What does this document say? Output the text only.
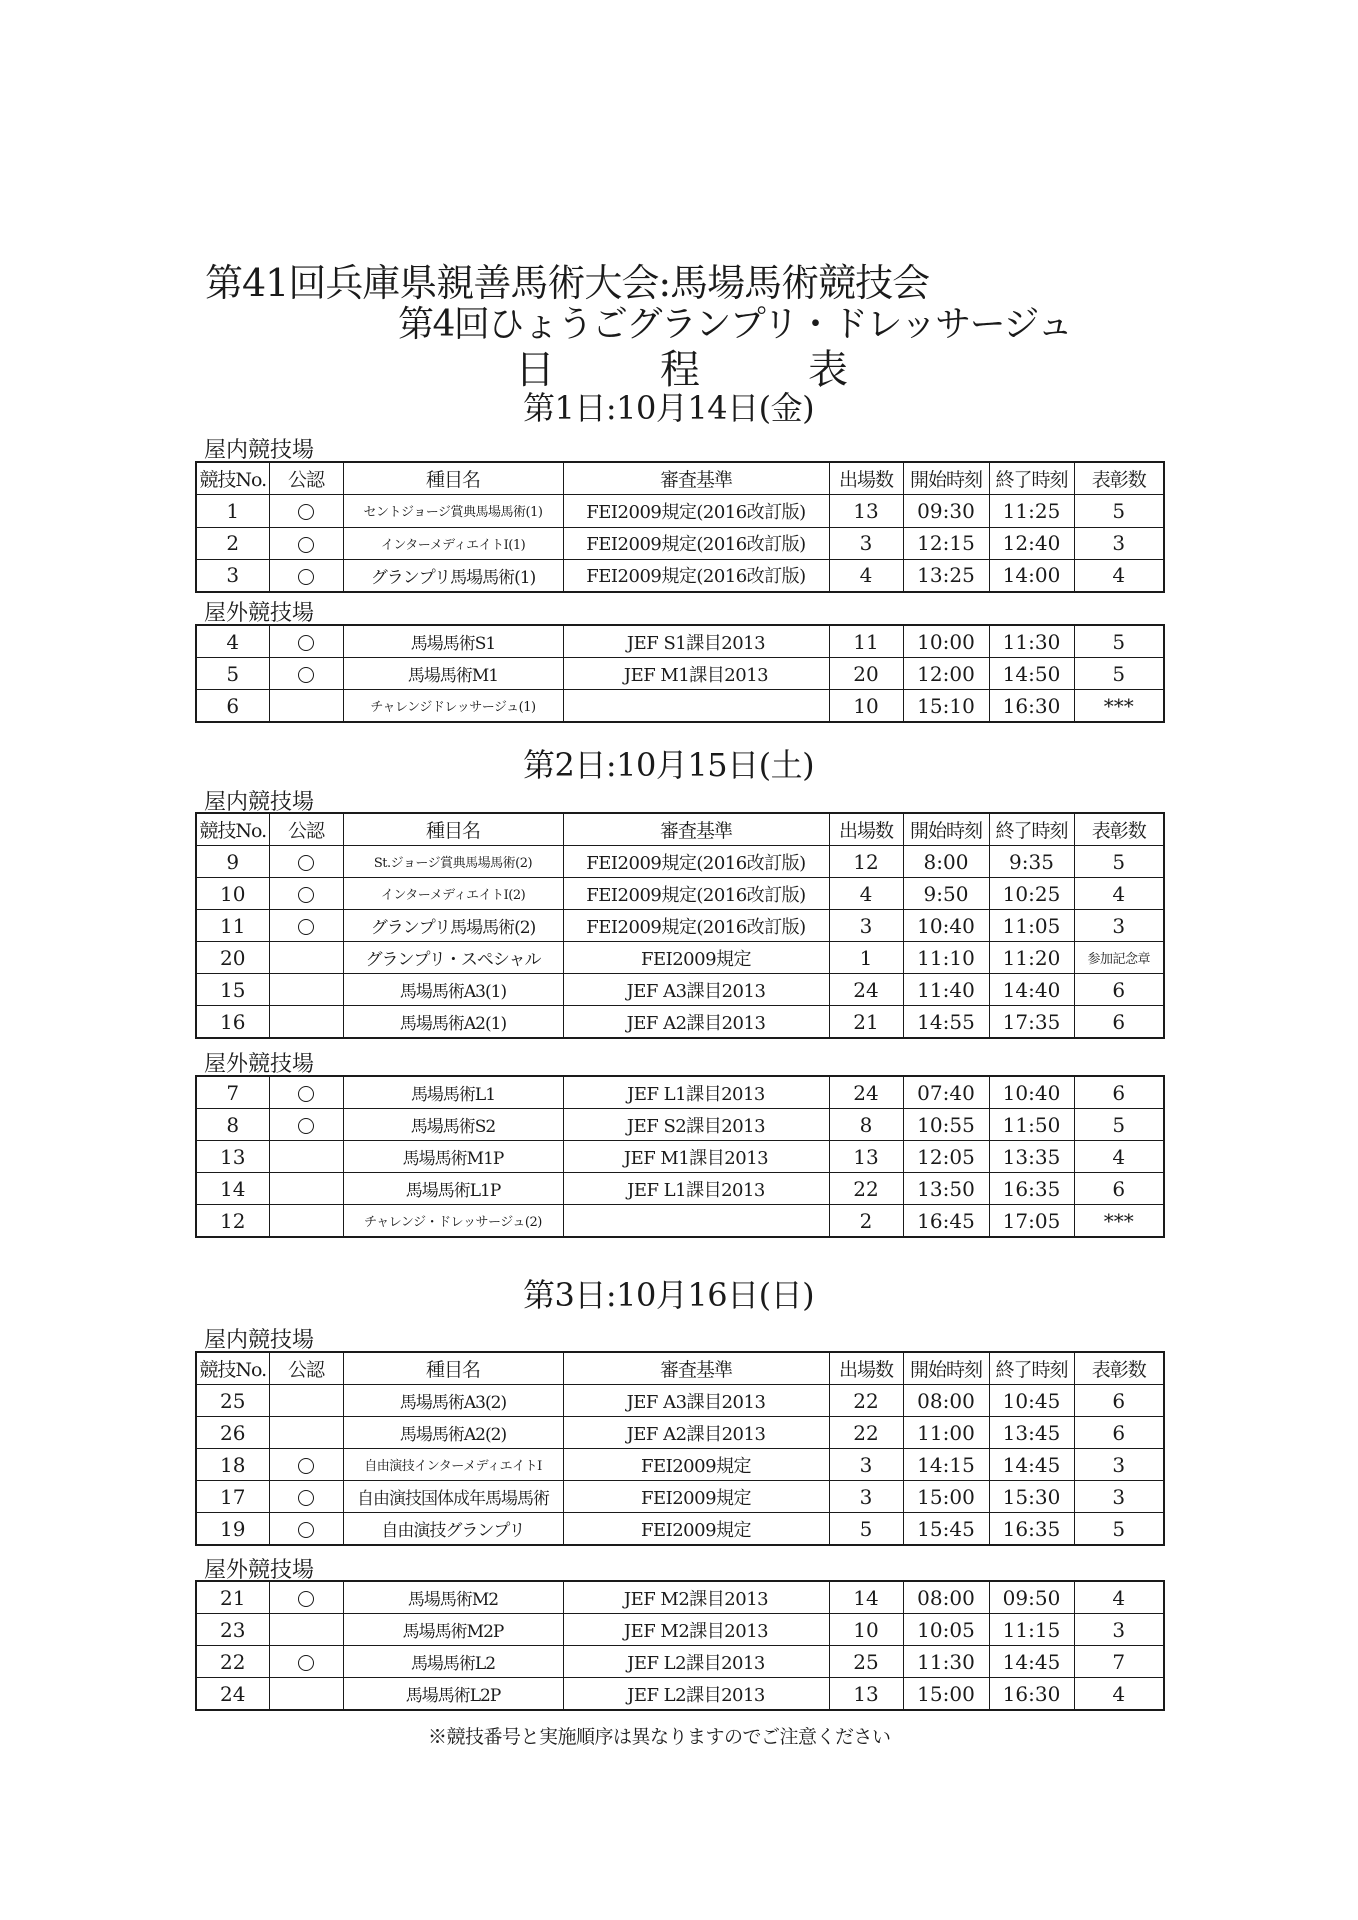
第41回兵庫県親善馬術大会:馬場馬術競技会
第4回ひょうごグランプリ・ドレッサージュ
日	程	表
第1日:10月14日(金)
第2日:10月15日(土)
第3日:10月16日(日)
屋内競技場
屋外競技場
屋内競技場
屋外競技場
屋内競技場
屋外競技場
競技No.	公認	種目名	審査基準	出場数	開始時刻	終了時刻	表彰数
1		セントジョージ賞典馬場馬術(1)	FEI2009規定(2016改訂版)	13	09:30	11:25	5
2		インターメディエイトⅠ(1)	FEI2009規定(2016改訂版)	3	12:15	12:40	3
3		グランプリ馬場馬術(1)	FEI2009規定(2016改訂版)	4	13:25	14:00	4
4		馬場馬術S1	JEF S1課目2013	11	10:00	11:30	5
5		馬場馬術M1	JEF M1課目2013	20	12:00	14:50	5
6		チャレンジドレッサージュ(1)		10	15:10	16:30	***
競技No.	公認	種目名	審査基準	出場数	開始時刻	終了時刻	表彰数
9		St.ジョージ賞典馬場馬術(2)	FEI2009規定(2016改訂版)	12	8:00	9:35	5
10		インターメディエイトⅠ(2)	FEI2009規定(2016改訂版)	4	9:50	10:25	4
11		グランプリ馬場馬術(2)	FEI2009規定(2016改訂版)	3	10:40	11:05	3
20		グランプリ・スペシャル	FEI2009規定	1	11:10	11:20	参加記念章
15		馬場馬術A3(1)	JEF A3課目2013	24	11:40	14:40	6
16		馬場馬術A2(1)	JEF A2課目2013	21	14:55	17:35	6
7		馬場馬術L1	JEF L1課目2013	24	07:40	10:40	6
8		馬場馬術S2	JEF S2課目2013	8	10:55	11:50	5
13		馬場馬術M1P	JEF M1課目2013	13	12:05	13:35	4
14		馬場馬術L1P	JEF L1課目2013	22	13:50	16:35	6
12		チャレンジ・ドレッサージュ(2)		2	16:45	17:05	***
競技No.	公認	種目名	審査基準	出場数	開始時刻	終了時刻	表彰数
25		馬場馬術A3(2)	JEF A3課目2013	22	08:00	10:45	6
26		馬場馬術A2(2)	JEF A2課目2013	22	11:00	13:45	6
18		自由演技インターメディエイトⅠ	FEI2009規定	3	14:15	14:45	3
17		自由演技国体成年馬場馬術	FEI2009規定	3	15:00	15:30	3
19		自由演技グランプリ	FEI2009規定	5	15:45	16:35	5
21		馬場馬術M2	JEF M2課目2013	14	08:00	09:50	4
23		馬場馬術M2P	JEF M2課目2013	10	10:05	11:15	3
22		馬場馬術L2	JEF L2課目2013	25	11:30	14:45	7
24		馬場馬術L2P	JEF L2課目2013	13	15:00	16:30	4
※競技番号と実施順序は異なりますのでご注意ください
